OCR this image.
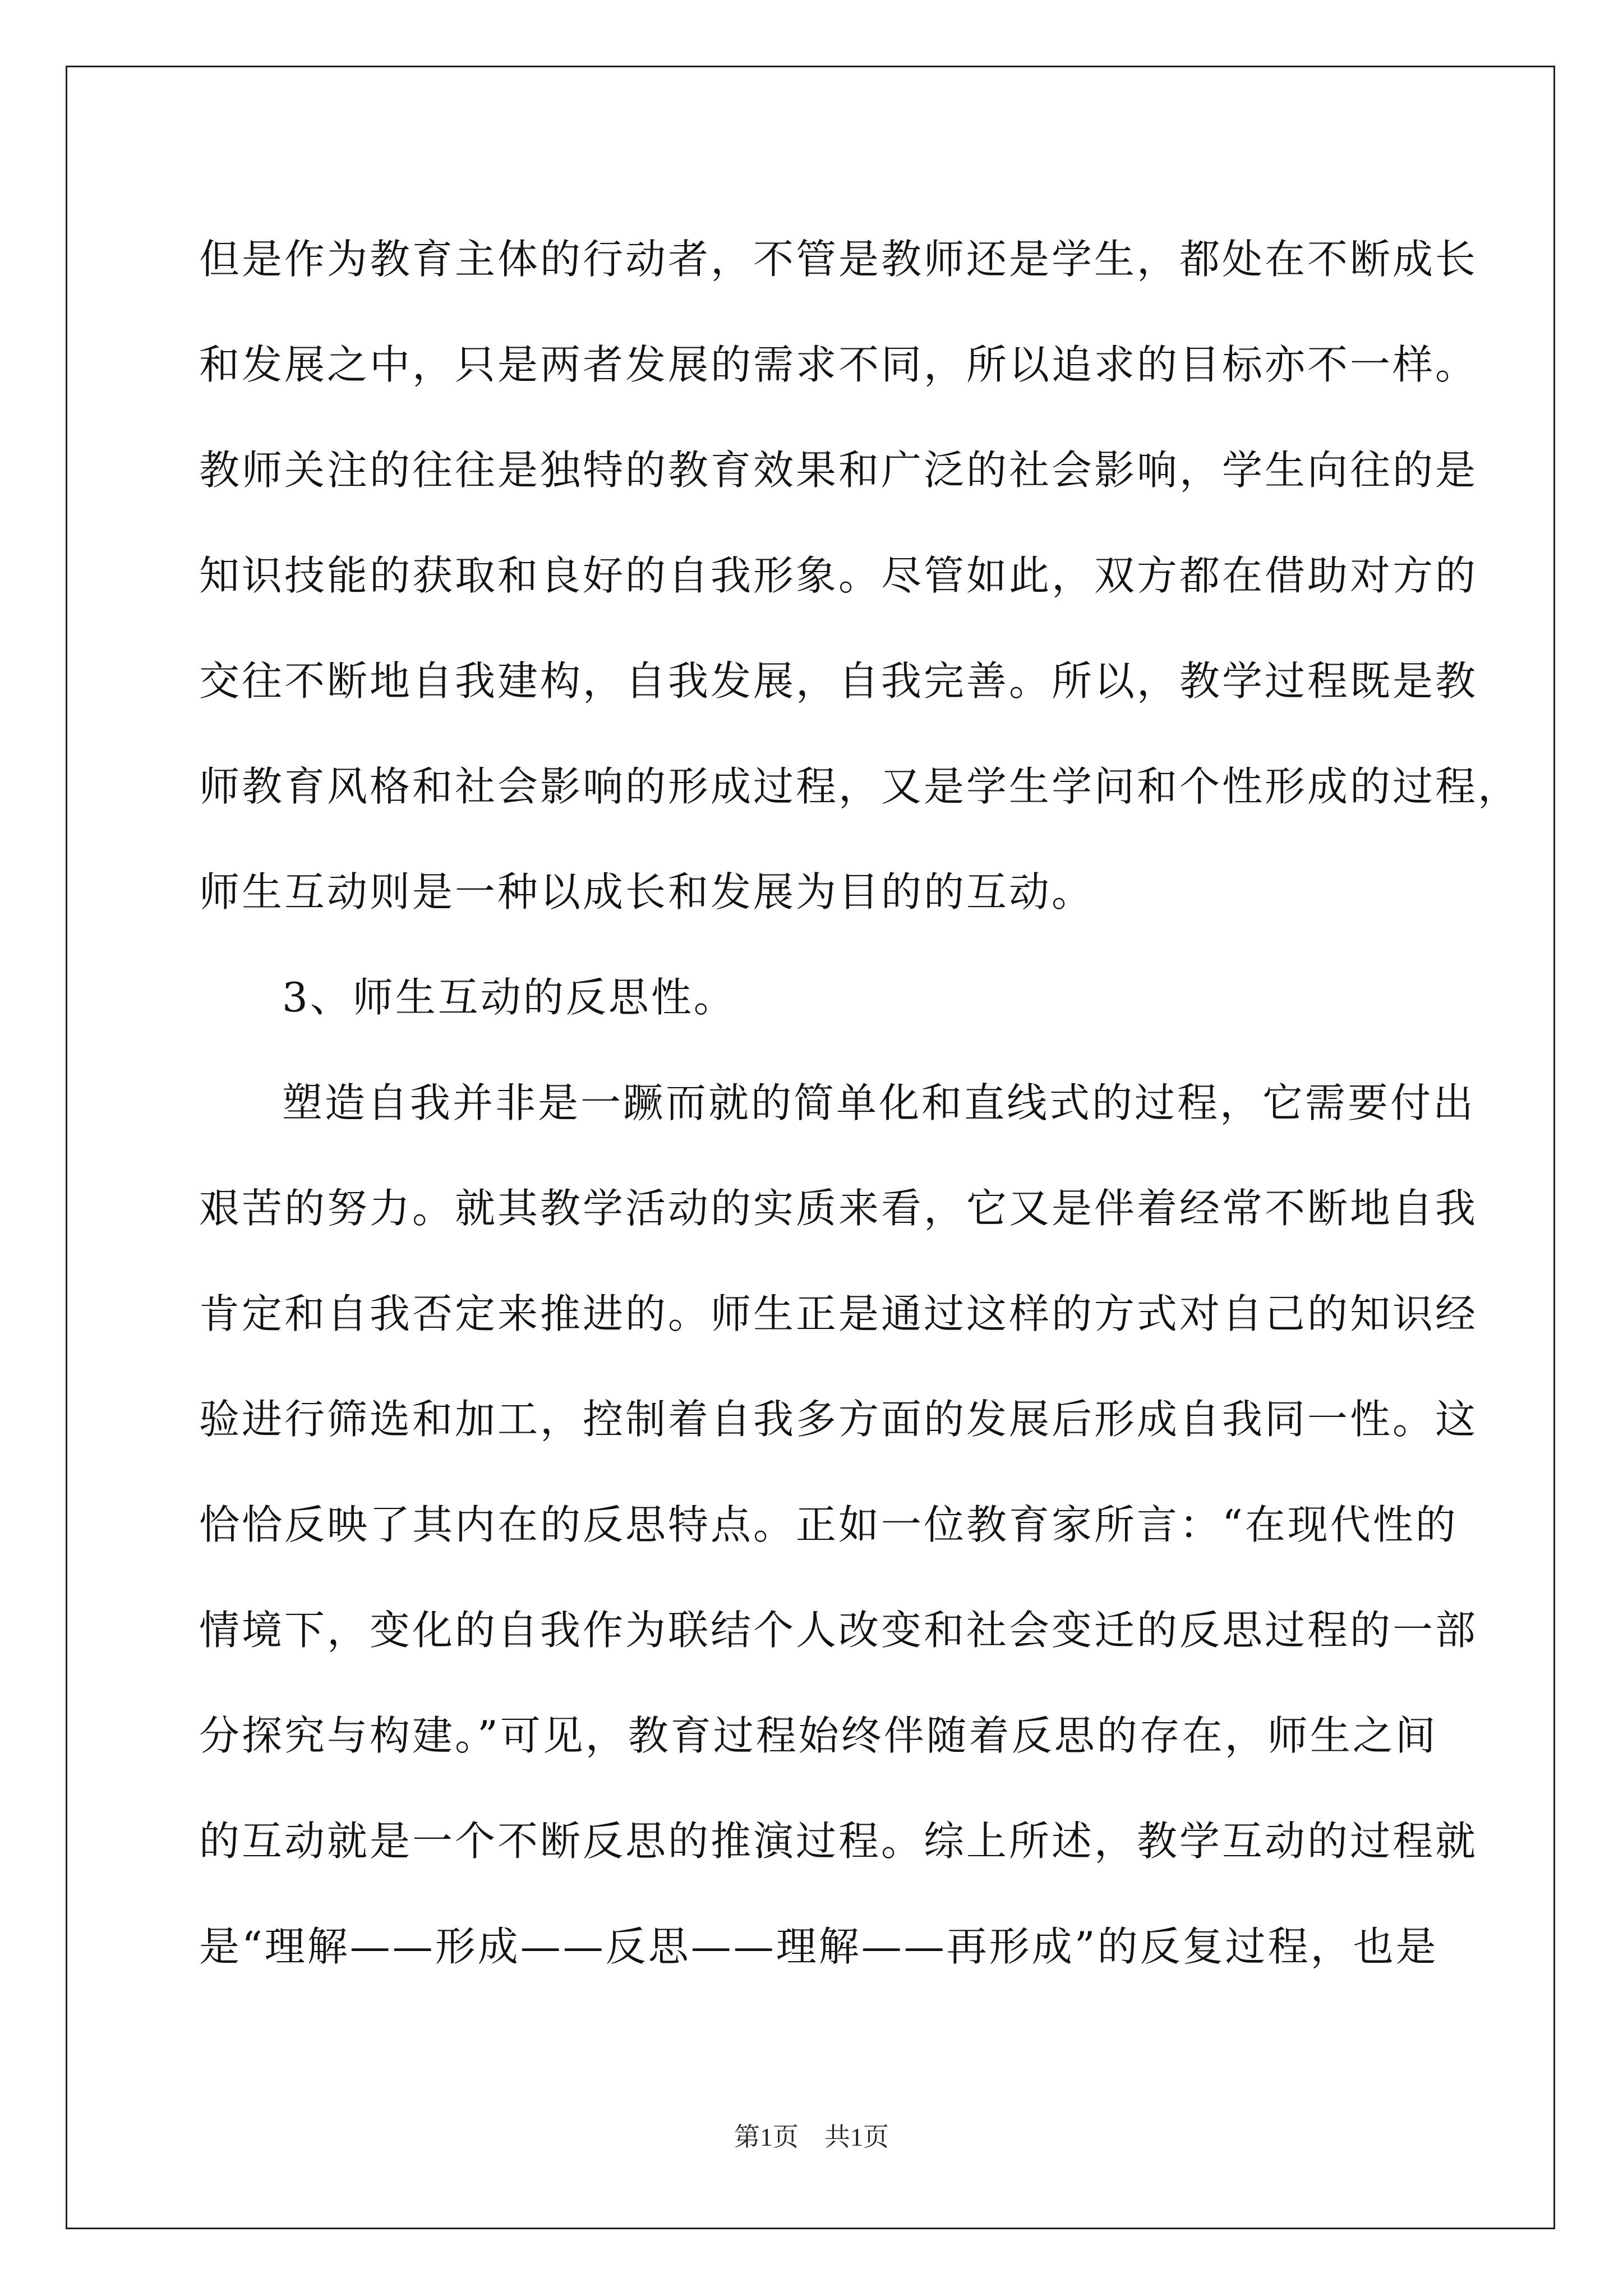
但是作为教育主体的行动者，不管是教师还是学生，都处在不断成长
和发展之中，只是两者发展的需求不同，所以追求的目标亦不一样。
教师关注的往往是独特的教育效果和广泛的社会影响，学生向往的是
知识技能的获取和良好的自我形象。尽管如此，双方都在借助对方的
交往不断地自我建构，自我发展，自我完善。所以，教学过程既是教
师教育风格和社会影响的形成过程，又是学生学问和个性形成的过程，
师生互动则是一种以成长和发展为目的的互动。
3、师生互动的反思性。
塑造自我并非是一蹶而就的简单化和直线式的过程，它需要付出
艰苦的努力。就其教学活动的实质来看，它又是伴着经常不断地自我
肯定和自我否定来推进的。师生正是通过这样的方式对自己的知识经
验进行筛选和加工，控制着自我多方面的发展后形成自我同一性。这
恰恰反映了其内在的反思特点。正如一位教育家所言：“在现代性的
情境下，变化的自我作为联结个人改变和社会变迁的反思过程的一部
分探究与构建。”可见，教育过程始终伴随着反思的存在，师生之间
的互动就是一个不断反思的推演过程。综上所述，教学互动的过程就
是“理解——形成——反思——理解——再形成”的反复过程，也是
第1页　共1页
